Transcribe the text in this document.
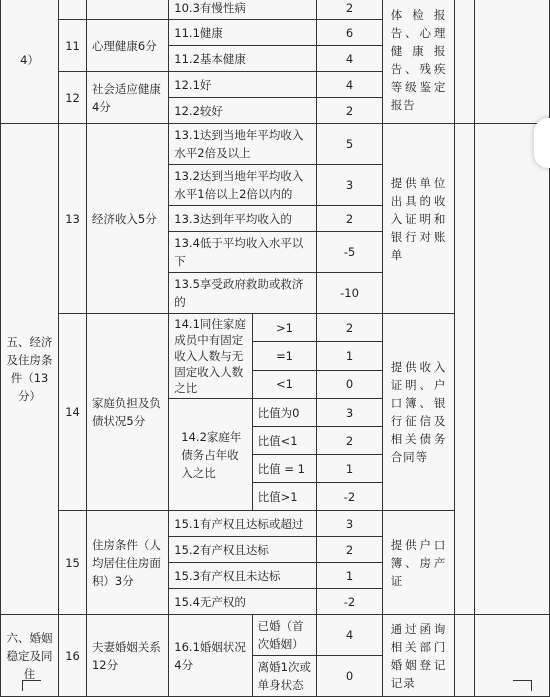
4）			10.3有慢性病		2	体检报告、心理健康报告、残疾等级鉴定报告		
	11	心理健康6分	11.1健康		6			
			11.2基本健康		4			
	12	社会适应健康4分	12.1好		4			
			12.2较好		2			
五、经济及住房条件（13分）	13	经济收入5分	13.1达到当地年平均收入水平2倍及以上		5	提供单位出具的收入证明和银行对账单		
			13.2达到当地年平均收入水平1倍以上2倍以内的		3			
			13.3达到年平均收入的		2			
			13.4低于平均收入水平以下		-5			
			13.5享受政府救助或救济的		-10			
	14	家庭负担及负债状况5分	14.1同住家庭成员中有固定收入人数与无固定收入人数之比	>1	2	提供收入证明、户口簿、银行征信及相关债务合同等		
				=1	1			
				<1	0			
			14.2家庭年债务占年收入之比	比值为0	3			
				比值<1	2			
				比值 = 1	1			
				比值>1	-2			
	15	住房条件（人均居住住房面积）3分	15.1有产权且达标或超过		3	提供户口簿、房产证		
			15.2有产权且达标		2			
			15.3有产权且未达标		1			
			15.4无产权的		-2			
六、婚姻稳定及同住	16	夫妻婚姻关系12分	16.1婚姻状况4分	已婚（首次婚姻）	4	通过函询相关部门婚姻登记记录		
				离婚1次或单身状态	0			
